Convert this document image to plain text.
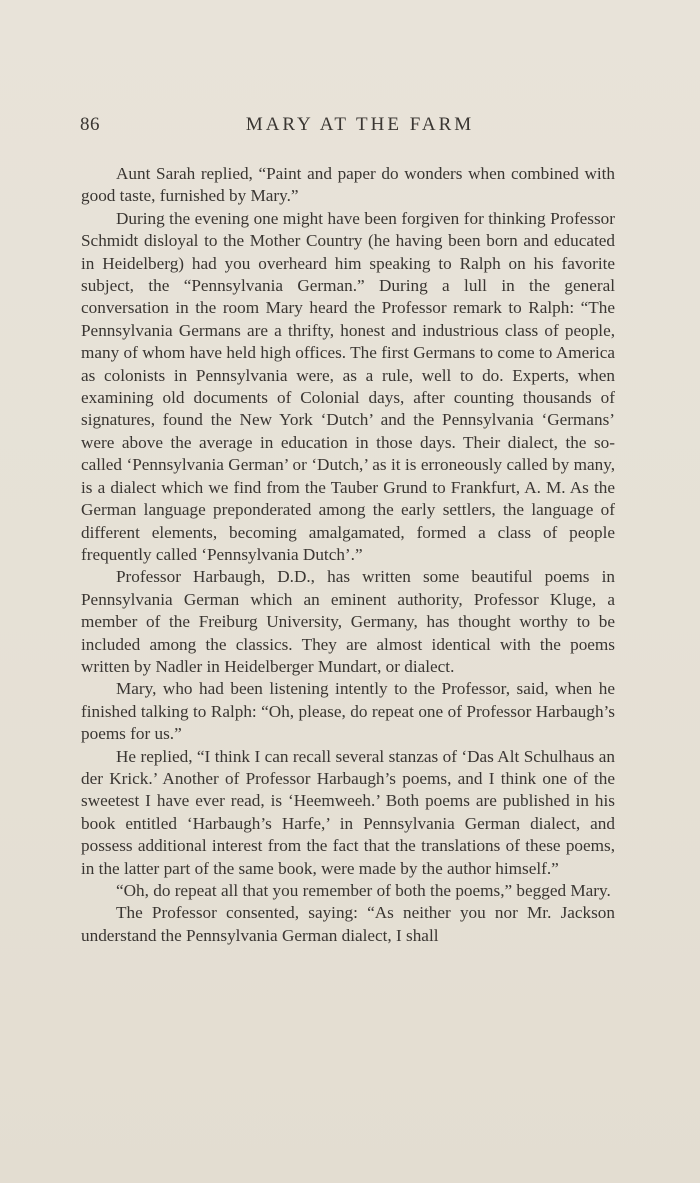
86	MARY AT THE FARM

Aunt Sarah replied, “Paint and paper do wonders when combined with good taste, furnished by Mary.”

During the evening one might have been forgiven for thinking Professor Schmidt disloyal to the Mother Country (he having been born and educated in Heidelberg) had you overheard him speaking to Ralph on his favorite subject, the “Pennsylvania German.” During a lull in the general conversation in the room Mary heard the Professor remark to Ralph: “The Pennsylvania Germans are a thrifty, honest and industrious class of people, many of whom have held high offices. The first Germans to come to America as colonists in Pennsylvania were, as a rule, well to do. Experts, when examining old documents of Colonial days, after counting thousands of signatures, found the New York ‘Dutch’ and the Pennsylvania ‘Germans’ were above the average in education in those days. Their dialect, the so-called ‘Pennsylvania German’ or ‘Dutch,’ as it is erroneously called by many, is a dialect which we find from the Tauber Grund to Frankfurt, A. M. As the German language preponderated among the early settlers, the language of different elements, becoming amalgamated, formed a class of people frequently called ‘Pennsylvania Dutch’.”

Professor Harbaugh, D.D., has written some beautiful poems in Pennsylvania German which an eminent authority, Professor Kluge, a member of the Freiburg University, Germany, has thought worthy to be included among the classics. They are almost identical with the poems written by Nadler in Heidelberger Mundart, or dialect.

Mary, who had been listening intently to the Professor, said, when he finished talking to Ralph: “Oh, please, do repeat one of Professor Harbaugh’s poems for us.”

He replied, “I think I can recall several stanzas of ‘Das Alt Schulhaus an der Krick.’ Another of Professor Harbaugh’s poems, and I think one of the sweetest I have ever read, is ‘Heemweeh.’ Both poems are published in his book entitled ‘Harbaugh’s Harfe,’ in Pennsylvania German dialect, and possess additional interest from the fact that the translations of these poems, in the latter part of the same book, were made by the author himself.”

“Oh, do repeat all that you remember of both the poems,” begged Mary.

The Professor consented, saying: “As neither you nor Mr. Jackson understand the Pennsylvania German dialect, I shall
